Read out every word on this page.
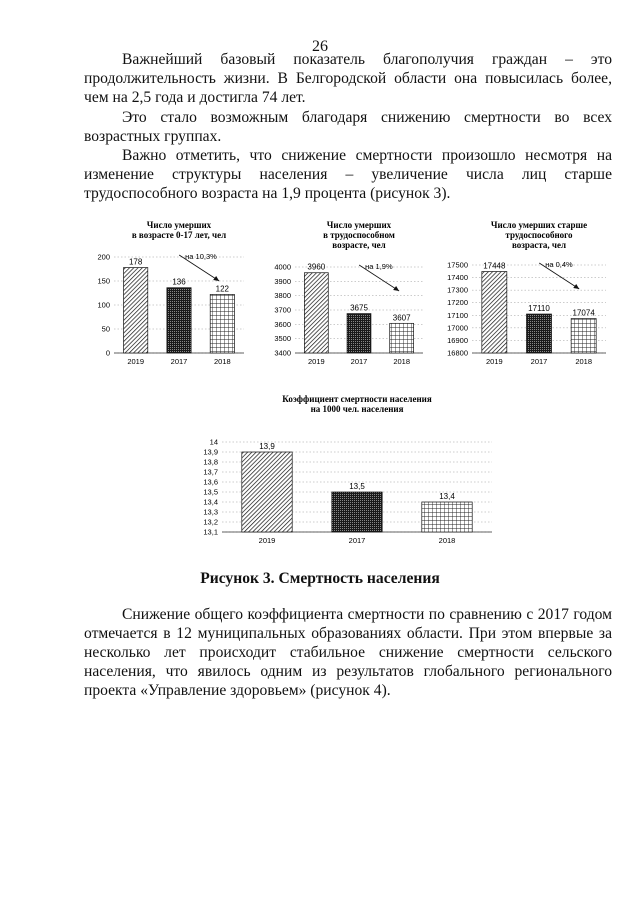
26

Важнейший базовый показатель благополучия граждан – это продолжительность жизни. В Белгородской области она повысилась более, чем на 2,5 года и достигла 74 лет.

Это стало возможным благодаря снижению смертности во всех возрастных группах.

Важно отметить, что снижение смертности произошло несмотря на изменение структуры населения – увеличение числа лиц старше трудоспособного возраста на 1,9 процента (рисунок 3).

Число умерших
в возрасте 0-17 лет, чел
0
50
100
150
200
178
2019
136
2017
122
2018
на 10,3%
Число умерших
в трудоспособном
возрасте, чел
3400
3500
3600
3700
3800
3900
4000 3960
2019
3675
2017
3607
2018
на 1,9%
Число умерших старше
трудоспособного
возраста, чел
16800
16900
17000
17100
17200
17300
17400
17500 17448
2019
17110
2017
17074
2018
на 0,4%
Коэффициент смертности населения
на 1000 чел. населения
13,1
13,2
13,3
13,4
13,5
13,6
13,7
13,8
13,9
14	13,9
2019
13,5
2017
13,4
2018
Рисунок 3. Смертность населения

Снижение общего коэффициента смертности по сравнению с 2017 годом отмечается в 12 муниципальных образованиях области. При этом впервые за несколько лет происходит стабильное снижение смертности сельского населения, что явилось одним из результатов глобального регионального проекта «Управление здоровьем» (рисунок 4).
